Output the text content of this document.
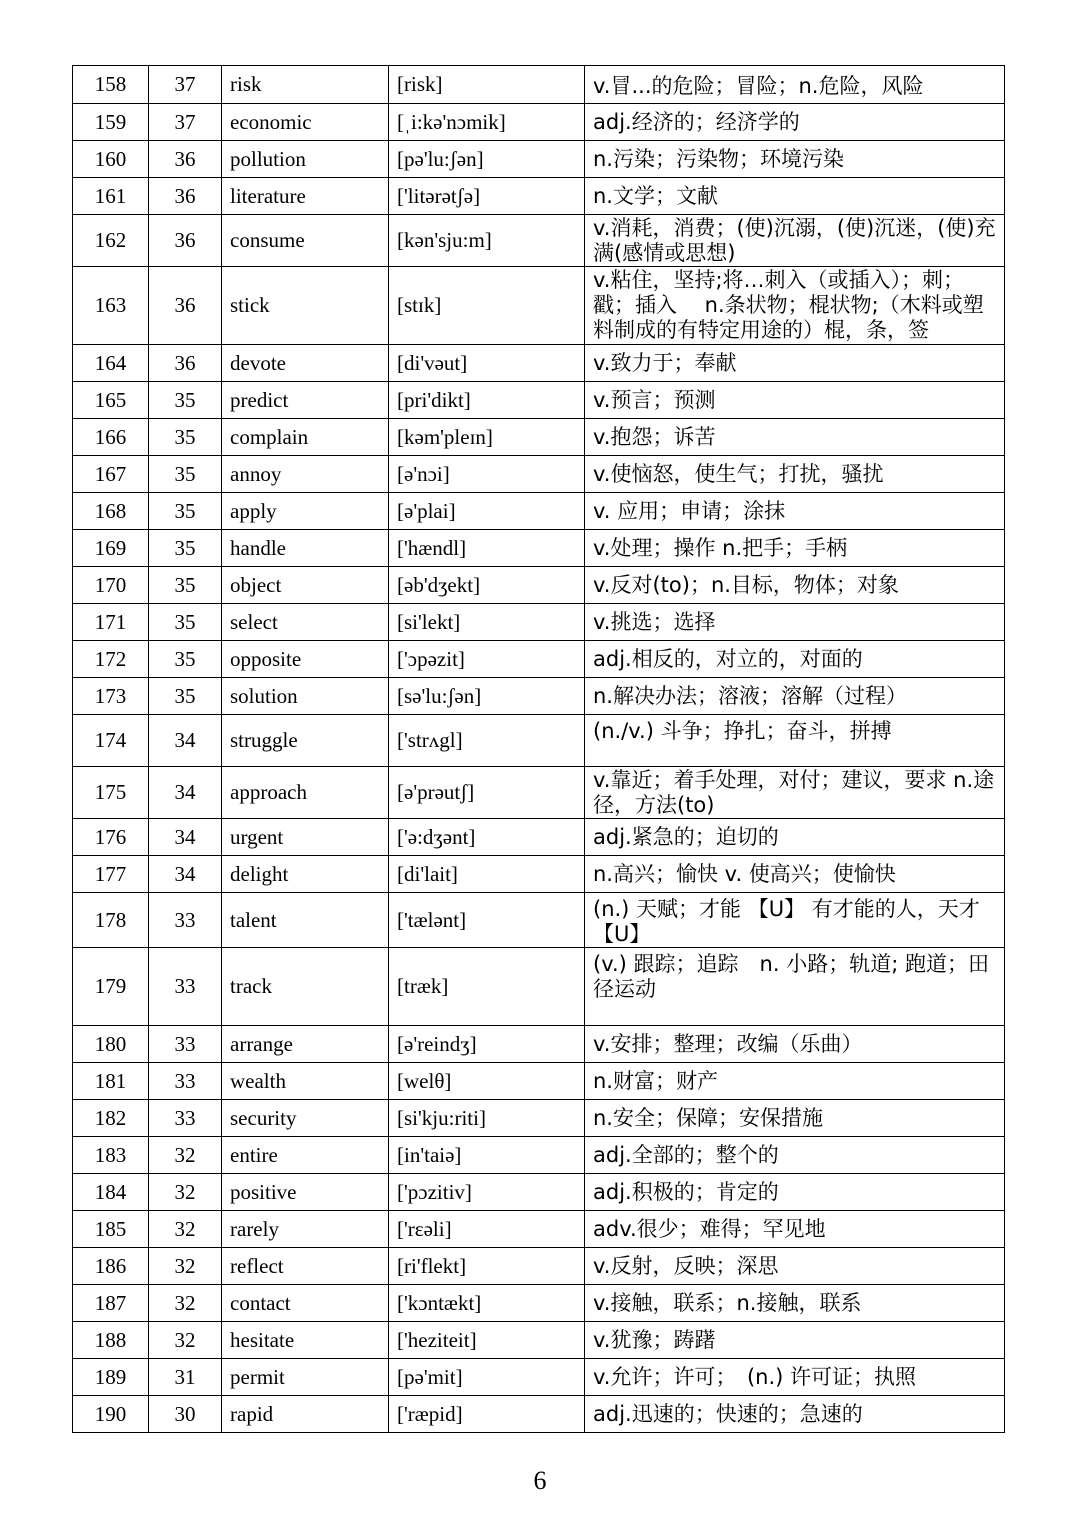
158	37	risk	[risk]	v.冒...的危险；冒险；n.危险，风险
159	37	economic	[ˌi:kə'nɔmik]	adj.经济的；经济学的
160	36	pollution	[pə'lu:ʃən]	n.污染；污染物；环境污染
161	36	literature	['litərətʃə]	n.文学；文献
162	36	consume	[kən'sju:m]	v.消耗，消费；(使)沉溺，(使)沉迷，(使)充满(感情或思想)
163	36	stick	[stɪk]	v.粘住，坚持;将…刺入（或插入）；刺；戳；插入　 n.条状物；棍状物;（木料或塑料制成的有特定用途的）棍，条，签
164	36	devote	[di'vəut]	v.致力于；奉献
165	35	predict	[pri'dikt]	v.预言；预测
166	35	complain	[kəm'pleɪn]	v.抱怨；诉苦
167	35	annoy	[ə'nɔi]	v.使恼怒，使生气；打扰，骚扰
168	35	apply	[ə'plai]	v. 应用；申请；涂抹
169	35	handle	['hændl]	v.处理；操作 n.把手；手柄
170	35	object	[əb'dʒekt]	v.反对(to)；n.目标，物体；对象
171	35	select	[si'lekt]	v.挑选；选择
172	35	opposite	['ɔpəzit]	adj.相反的，对立的，对面的
173	35	solution	[sə'lu:ʃən]	n.解决办法；溶液；溶解（过程）
174	34	struggle	['strʌgl]	(n./v.) 斗争；挣扎；奋斗，拼搏
175	34	approach	[ə'prəutʃ]	v.靠近；着手处理，对付；建议，要求 n.途径，方法(to)
176	34	urgent	['ə:dʒənt]	adj.紧急的；迫切的
177	34	delight	[di'lait]	n.高兴；愉快 v. 使高兴；使愉快
178	33	talent	['tælənt]	(n.) 天赋；才能 【U】 有才能的人，天才【U】
179	33	track	[træk]	(v.) 跟踪；追踪　n. 小路；轨道; 跑道；田径运动
180	33	arrange	[ə'reindʒ]	v.安排；整理；改编（乐曲）
181	33	wealth	[welθ]	n.财富；财产
182	33	security	[si'kju:riti]	n.安全；保障；安保措施
183	32	entire	[in'taiə]	adj.全部的；整个的
184	32	positive	['pɔzitiv]	adj.积极的；肯定的
185	32	rarely	['rεəli]	adv.很少；难得；罕见地
186	32	reflect	[ri'flekt]	v.反射，反映；深思
187	32	contact	['kɔntækt]	v.接触，联系；n.接触，联系
188	32	hesitate	['heziteit]	v.犹豫；踌躇
189	31	permit	[pə'mit]	v.允许；许可；　(n.) 许可证；执照
190	30	rapid	['ræpid]	adj.迅速的；快速的；急速的
6
